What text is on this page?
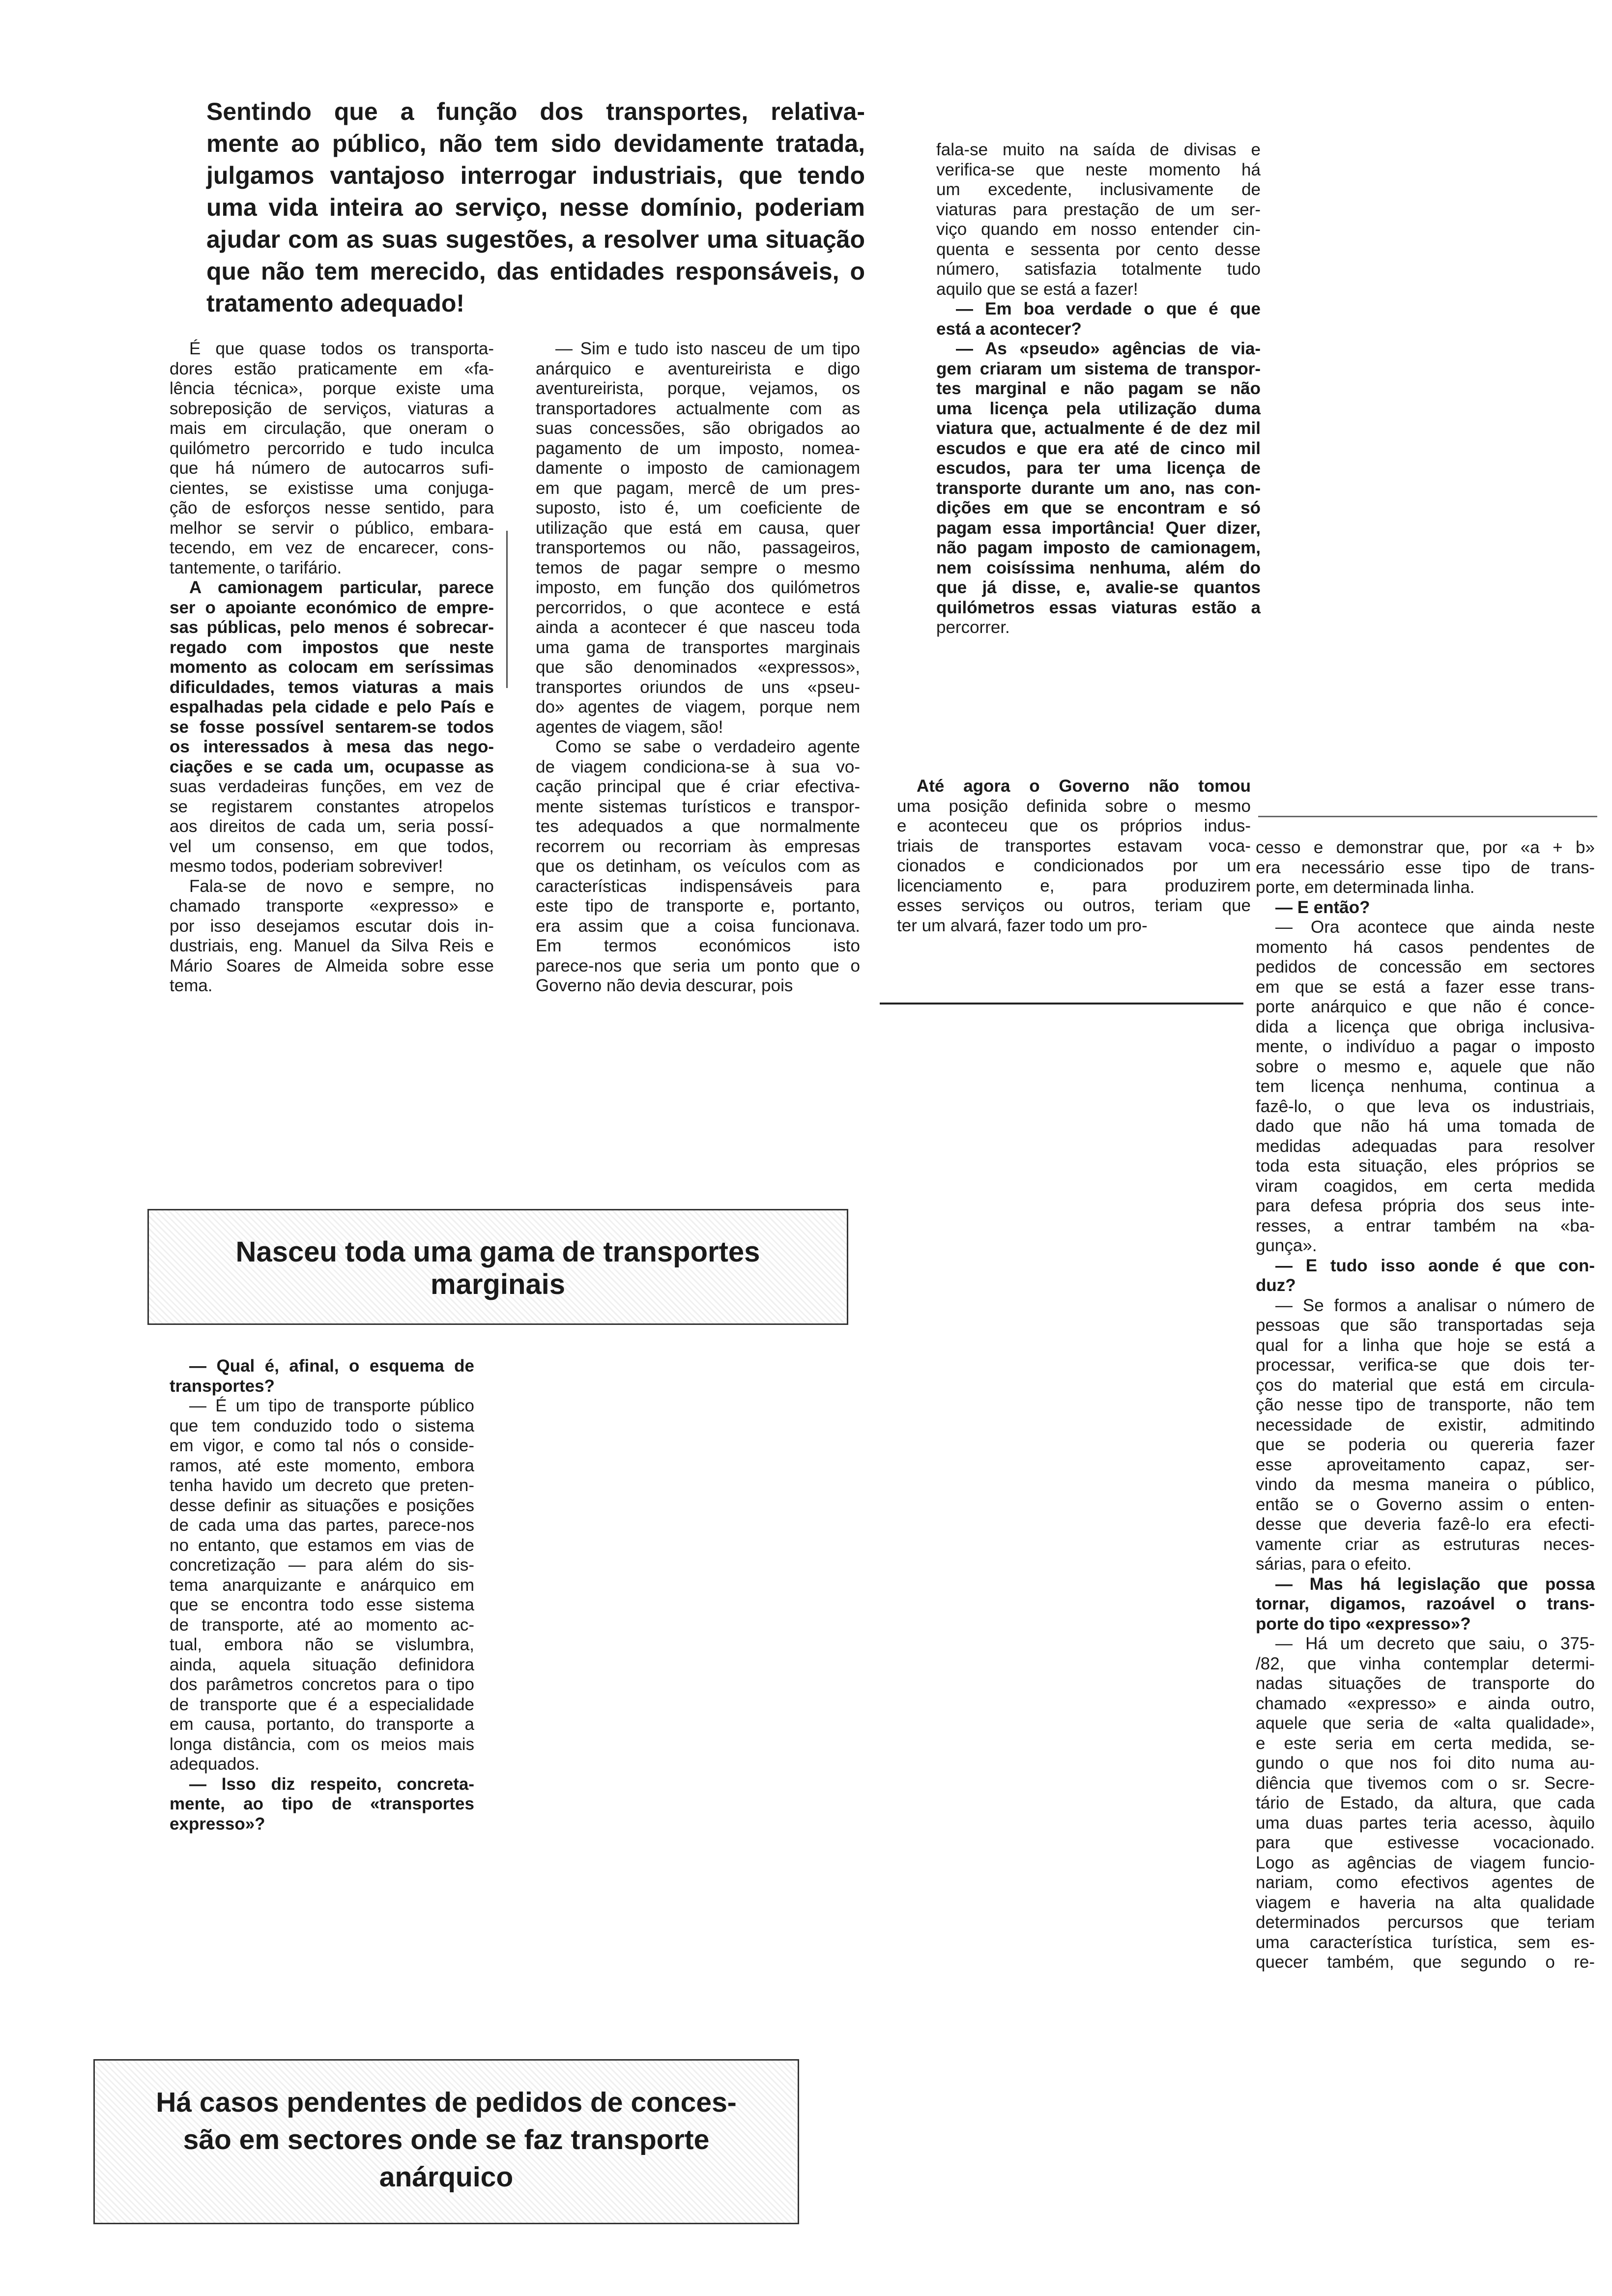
Sentindo que a função dos transportes, relativa-
mente ao público, não tem sido devidamente tratada,
julgamos vantajoso interrogar industriais, que tendo
uma vida inteira ao serviço, nesse domínio, poderiam
ajudar com as suas sugestões, a resolver uma situação
que não tem merecido, das entidades responsáveis, o
tratamento adequado!
É que quase todos os transporta-
dores estão praticamente em «fa-
lência técnica», porque existe uma
sobreposição de serviços, viaturas a
mais em circulação, que oneram o
quilómetro percorrido e tudo inculca
que há número de autocarros sufi-
cientes, se existisse uma conjuga-
ção de esforços nesse sentido, para
melhor se servir o público, embara-
tecendo, em vez de encarecer, cons-
tantemente, o tarifário.
A camionagem particular, parece
ser o apoiante económico de empre-
sas públicas, pelo menos é sobrecar-
regado com impostos que neste
momento as colocam em seríssimas
dificuldades, temos viaturas a mais
espalhadas pela cidade e pelo País e
se fosse possível sentarem-se todos
os interessados à mesa das nego-
ciações e se cada um, ocupasse as
suas verdadeiras funções, em vez de
se registarem constantes atropelos
aos direitos de cada um, seria possí-
vel um consenso, em que todos,
mesmo todos, poderiam sobreviver!
Fala-se de novo e sempre, no
chamado transporte «expresso» e
por isso desejamos escutar dois in-
dustriais, eng. Manuel da Silva Reis e
Mário Soares de Almeida sobre esse
tema.
— Sim e tudo isto nasceu de um tipo
anárquico e aventureirista e digo
aventureirista, porque, vejamos, os
transportadores actualmente com as
suas concessões, são obrigados ao
pagamento de um imposto, nomea-
damente o imposto de camionagem
em que pagam, mercê de um pres-
suposto, isto é, um coeficiente de
utilização que está em causa, quer
transportemos ou não, passageiros,
temos de pagar sempre o mesmo
imposto, em função dos quilómetros
percorridos, o que acontece e está
ainda a acontecer é que nasceu toda
uma gama de transportes marginais
que são denominados «expressos»,
transportes oriundos de uns «pseu-
do» agentes de viagem, porque nem
agentes de viagem, são!
Como se sabe o verdadeiro agente
de viagem condiciona-se à sua vo-
cação principal que é criar efectiva-
mente sistemas turísticos e transpor-
tes adequados a que normalmente
recorrem ou recorriam às empresas
que os detinham, os veículos com as
características indispensáveis para
este tipo de transporte e, portanto,
era assim que a coisa funcionava.
Em termos económicos isto
parece-nos que seria um ponto que o
Governo não devia descurar, pois
fala-se muito na saída de divisas e
verifica-se que neste momento há
um excedente, inclusivamente de
viaturas para prestação de um ser-
viço quando em nosso entender cin-
quenta e sessenta por cento desse
número, satisfazia totalmente tudo
aquilo que se está a fazer!
— Em boa verdade o que é que
está a acontecer?
— As «pseudo» agências de via-
gem criaram um sistema de transpor-
tes marginal e não pagam se não
uma licença pela utilização duma
viatura que, actualmente é de dez mil
escudos e que era até de cinco mil
escudos, para ter uma licença de
transporte durante um ano, nas con-
dições em que se encontram e só
pagam essa importância! Quer dizer,
não pagam imposto de camionagem,
nem coisíssima nenhuma, além do
que já disse, e, avalie-se quantos
quilómetros essas viaturas estão a
percorrer.
Até agora o Governo não tomou
uma posição definida sobre o mesmo
e aconteceu que os próprios indus-
triais de transportes estavam voca-
cionados e condicionados por um
licenciamento e, para produzirem
esses serviços ou outros, teriam que
ter um alvará, fazer todo um pro-
cesso e demonstrar que, por «a + b»
era necessário esse tipo de trans-
porte, em determinada linha.
— E então?
— Ora acontece que ainda neste
momento há casos pendentes de
pedidos de concessão em sectores
em que se está a fazer esse trans-
porte anárquico e que não é conce-
dida a licença que obriga inclusiva-
mente, o indivíduo a pagar o imposto
sobre o mesmo e, aquele que não
tem licença nenhuma, continua a
fazê-lo, o que leva os industriais,
dado que não há uma tomada de
medidas adequadas para resolver
toda esta situação, eles próprios se
viram coagidos, em certa medida
para defesa própria dos seus inte-
resses, a entrar também na «ba-
gunça».
— E tudo isso aonde é que con-
duz?
— Se formos a analisar o número de
pessoas que são transportadas seja
qual for a linha que hoje se está a
processar, verifica-se que dois ter-
ços do material que está em circula-
ção nesse tipo de transporte, não tem
necessidade de existir, admitindo
que se poderia ou quereria fazer
esse aproveitamento capaz, ser-
vindo da mesma maneira o público,
então se o Governo assim o enten-
desse que deveria fazê-lo era efecti-
vamente criar as estruturas neces-
sárias, para o efeito.
— Mas há legislação que possa
tornar, digamos, razoável o trans-
porte do tipo «expresso»?
— Há um decreto que saiu, o 375-
/82, que vinha contemplar determi-
nadas situações de transporte do
chamado «expresso» e ainda outro,
aquele que seria de «alta qualidade»,
e este seria em certa medida, se-
gundo o que nos foi dito numa au-
diência que tivemos com o sr. Secre-
tário de Estado, da altura, que cada
uma duas partes teria acesso, àquilo
para que estivesse vocacionado.
Logo as agências de viagem funcio-
nariam, como efectivos agentes de
viagem e haveria na alta qualidade
determinados percursos que teriam
uma característica turística, sem es-
quecer também, que segundo o re-
Nasceu toda uma gama de transportes
marginais
— Qual é, afinal, o esquema de
transportes?
— É um tipo de transporte público
que tem conduzido todo o sistema
em vigor, e como tal nós o conside-
ramos, até este momento, embora
tenha havido um decreto que preten-
desse definir as situações e posições
de cada uma das partes, parece-nos
no entanto, que estamos em vias de
concretização — para além do sis-
tema anarquizante e anárquico em
que se encontra todo esse sistema
de transporte, até ao momento ac-
tual, embora não se vislumbra,
ainda, aquela situação definidora
dos parâmetros concretos para o tipo
de transporte que é a especialidade
em causa, portanto, do transporte a
longa distância, com os meios mais
adequados.
— Isso diz respeito, concreta-
mente, ao tipo de «transportes
expresso»?
Há casos pendentes de pedidos de conces-
são em sectores onde se faz transporte
anárquico
